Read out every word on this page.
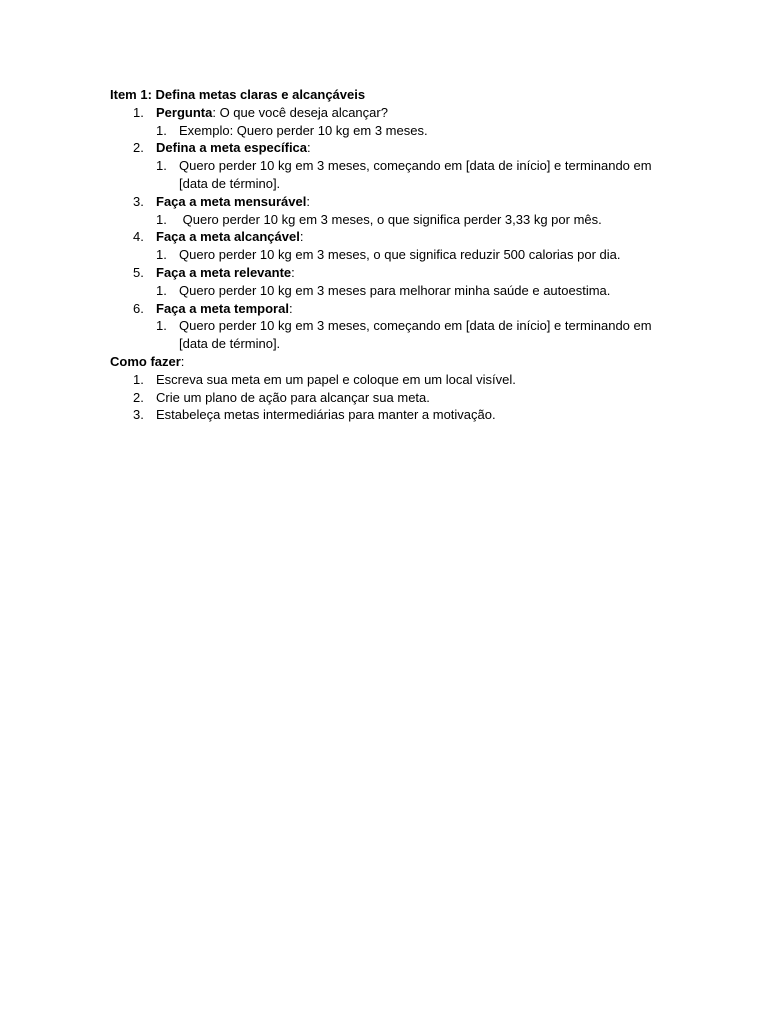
Item 1: Defina metas claras e alcançáveis

1. Pergunta: O que você deseja alcançar?
1. Exemplo: Quero perder 10 kg em 3 meses.
2. Defina a meta específica:
1. Quero perder 10 kg em 3 meses, começando em [data de início] e terminando em [data de término].
3. Faça a meta mensurável:
1. Quero perder 10 kg em 3 meses, o que significa perder 3,33 kg por mês.
4. Faça a meta alcançável:
1. Quero perder 10 kg em 3 meses, o que significa reduzir 500 calorias por dia.
5. Faça a meta relevante:
1. Quero perder 10 kg em 3 meses para melhorar minha saúde e autoestima.
6. Faça a meta temporal:
1. Quero perder 10 kg em 3 meses, começando em [data de início] e terminando em [data de término].

Como fazer:

1. Escreva sua meta em um papel e coloque em um local visível.
2. Crie um plano de ação para alcançar sua meta.
3. Estabeleça metas intermediárias para manter a motivação.
